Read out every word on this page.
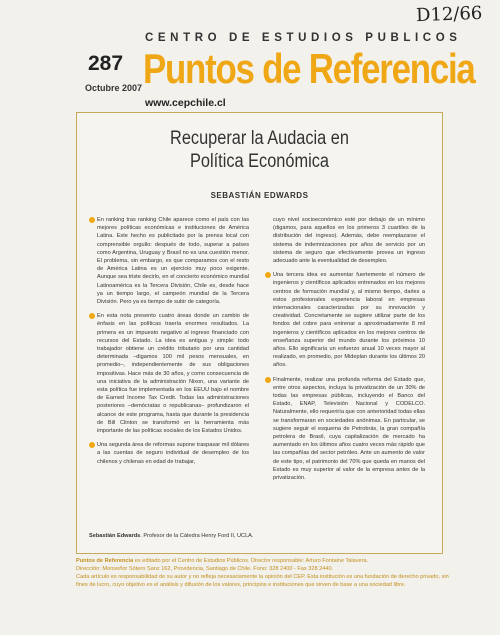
D12/66
CENTRO DE ESTUDIOS PUBLICOS
287
Octubre 2007 Puntos de Referencia
www.cepchile.cl
Recuperar la Audacia en
Política Económica
SEBASTIÁN EDWARDS
En ranking tras ranking Chile aparece como el país con las mejores políticas económicas e instituciones de América Latina. Este hecho es publicitado por la prensa local con comprensible orgullo: después de todo, superar a países como Argentina, Uruguay y Brasil no es una cuestión menor. El problema, sin embargo, es que comparamos con el resto de América Latina es un ejercicio muy poco exigente. Aunque sea triste decirlo, en el concierto económico mundial Latinoamérica es la Tercera División, Chile es, desde hace ya un tiempo largo, el campeón mundial de la Tercera División. Pero ya es tiempo de subir de categoría.
En esta nota presento cuatro áreas donde un cambio de énfasis en las políticas traería enormes resultados. La primera es un impuesto negativo al ingreso financiado con recursos del Estado. La idea es antigua y simple: todo trabajador obtiene un crédito tributario por una cantidad determinada –digamos 100 mil pesos mensuales, en promedio–, independientemente de sus obligaciones impositivas. Hace más de 30 años, y como consecuencia de una iniciativa de la administración Nixon, una variante de esta política fue implementada en los EEUU bajo el nombre de Earned Income Tax Credit. Todas las administraciones posteriores –demócratas o republicanas– profundizaron el alcance de este programa, hasta que durante la presidencia de Bill Clinton se transformó en la herramienta más importante de las políticas sociales de los Estados Unidos.
Una segunda área de reformas supone traspasar mil dólares a las cuentas de seguro individual de desempleo de los chilenos y chilenas en edad de trabajar,
cuyo nivel socioeconómico esté por debajo de un mínimo (digamos, para aquellos en los primeros 3 cuartiles de la distribución del ingreso). Además, debe reemplazarse el sistema de indemnizaciones por años de servicio por un sistema de seguro que efectivamente provea un ingreso adecuado ante la eventualidad de desempleo.
Una tercera idea es aumentar fuertemente el número de ingenieros y científicos aplicados entrenados en los mejores centros de formación mundial y, al mismo tiempo, darles a estos profesionales experiencia laboral en empresas internacionales caracterizadas por su innovación y creatividad. Concretamente se sugiere utilizar parte de los fondos del cobre para entrenar a aproximadamente 8 mil ingenieros y científicos aplicados en los mejores centros de enseñanza superior del mundo durante los próximos 10 años. Ello significaría un esfuerzo anual 10 veces mayor al realizado, en promedio, por Mideplan durante los últimos 20 años.
Finalmente, realizar una profunda reforma del Estado que, entre otros aspectos, incluya la privatización de un 30% de todas las empresas públicas, incluyendo el Banco del Estado, ENAP, Televisión Nacional y CODELCO. Naturalmente, ello requeriría que con anterioridad todas ellas se transformaran en sociedades anónimas. En particular, se sugiere seguir el esquema de Petrobrás, la gran compañía petrolera de Brasil, cuya capitalización de mercado ha aumentado en los últimos años cuatro veces más rápido que las compañías del sector petróleo. Ante un aumento de valor de este tipo, el patrimonio del 70% que queda en manos del Estado es muy superior al valor de la empresa antes de la privatización.
Sebastián Edwards. Profesor de la Cátedra Henry Ford II, UCLA.
Puntos de Referencia es editado por el Centro de Estudios Públicos. Director responsable: Arturo Fontaine Talavera.
Dirección: Monseñor Sótero Sanz 162, Providencia, Santiago de Chile. Fono: 328 2400 - Fax 328 2440.
Cada artículo es responsabilidad de su autor y no refleja necesariamente la opinión del CEP. Esta institución es una fundación de derecho privado, sin fines de lucro, cuyo objetivo es el análisis y difusión de los valores, principios e instituciones que sirven de base a una sociedad libre.
